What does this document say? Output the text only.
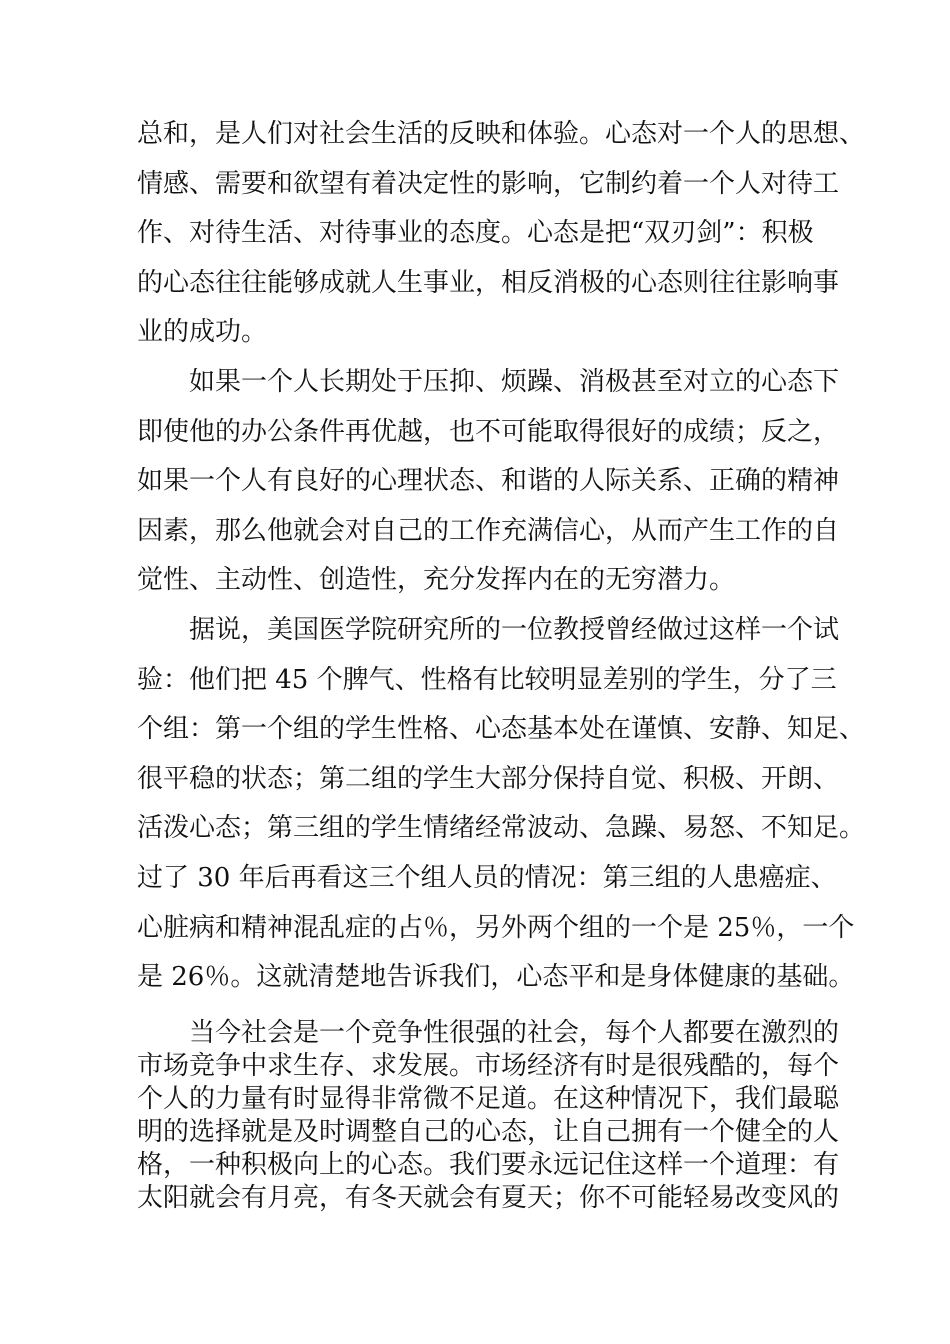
总和，是人们对社会生活的反映和体验。心态对一个人的思想、
情感、需要和欲望有着决定性的影响，它制约着一个人对待工
作、对待生活、对待事业的态度。心态是把“双刃剑”：积极
的心态往往能够成就人生事业，相反消极的心态则往往影响事
业的成功。

　　如果一个人长期处于压抑、烦躁、消极甚至对立的心态下
即使他的办公条件再优越，也不可能取得很好的成绩；反之，
如果一个人有良好的心理状态、和谐的人际关系、正确的精神
因素，那么他就会对自己的工作充满信心，从而产生工作的自
觉性、主动性、创造性，充分发挥内在的无穷潜力。

　　据说，美国医学院研究所的一位教授曾经做过这样一个试
验：他们把 45 个脾气、性格有比较明显差别的学生，分了三
个组：第一个组的学生性格、心态基本处在谨慎、安静、知足、
很平稳的状态；第二组的学生大部分保持自觉、积极、开朗、
活泼心态；第三组的学生情绪经常波动、急躁、易怒、不知足。
过了 30 年后再看这三个组人员的情况：第三组的人患癌症、
心脏病和精神混乱症的占％，另外两个组的一个是 25％，一个
是 26％。这就清楚地告诉我们，心态平和是身体健康的基础。

　　当今社会是一个竞争性很强的社会，每个人都要在激烈的
市场竞争中求生存、求发展。市场经济有时是很残酷的，每个
个人的力量有时显得非常微不足道。在这种情况下，我们最聪
明的选择就是及时调整自己的心态，让自己拥有一个健全的人
格，一种积极向上的心态。我们要永远记住这样一个道理：有
太阳就会有月亮，有冬天就会有夏天；你不可能轻易改变风的
